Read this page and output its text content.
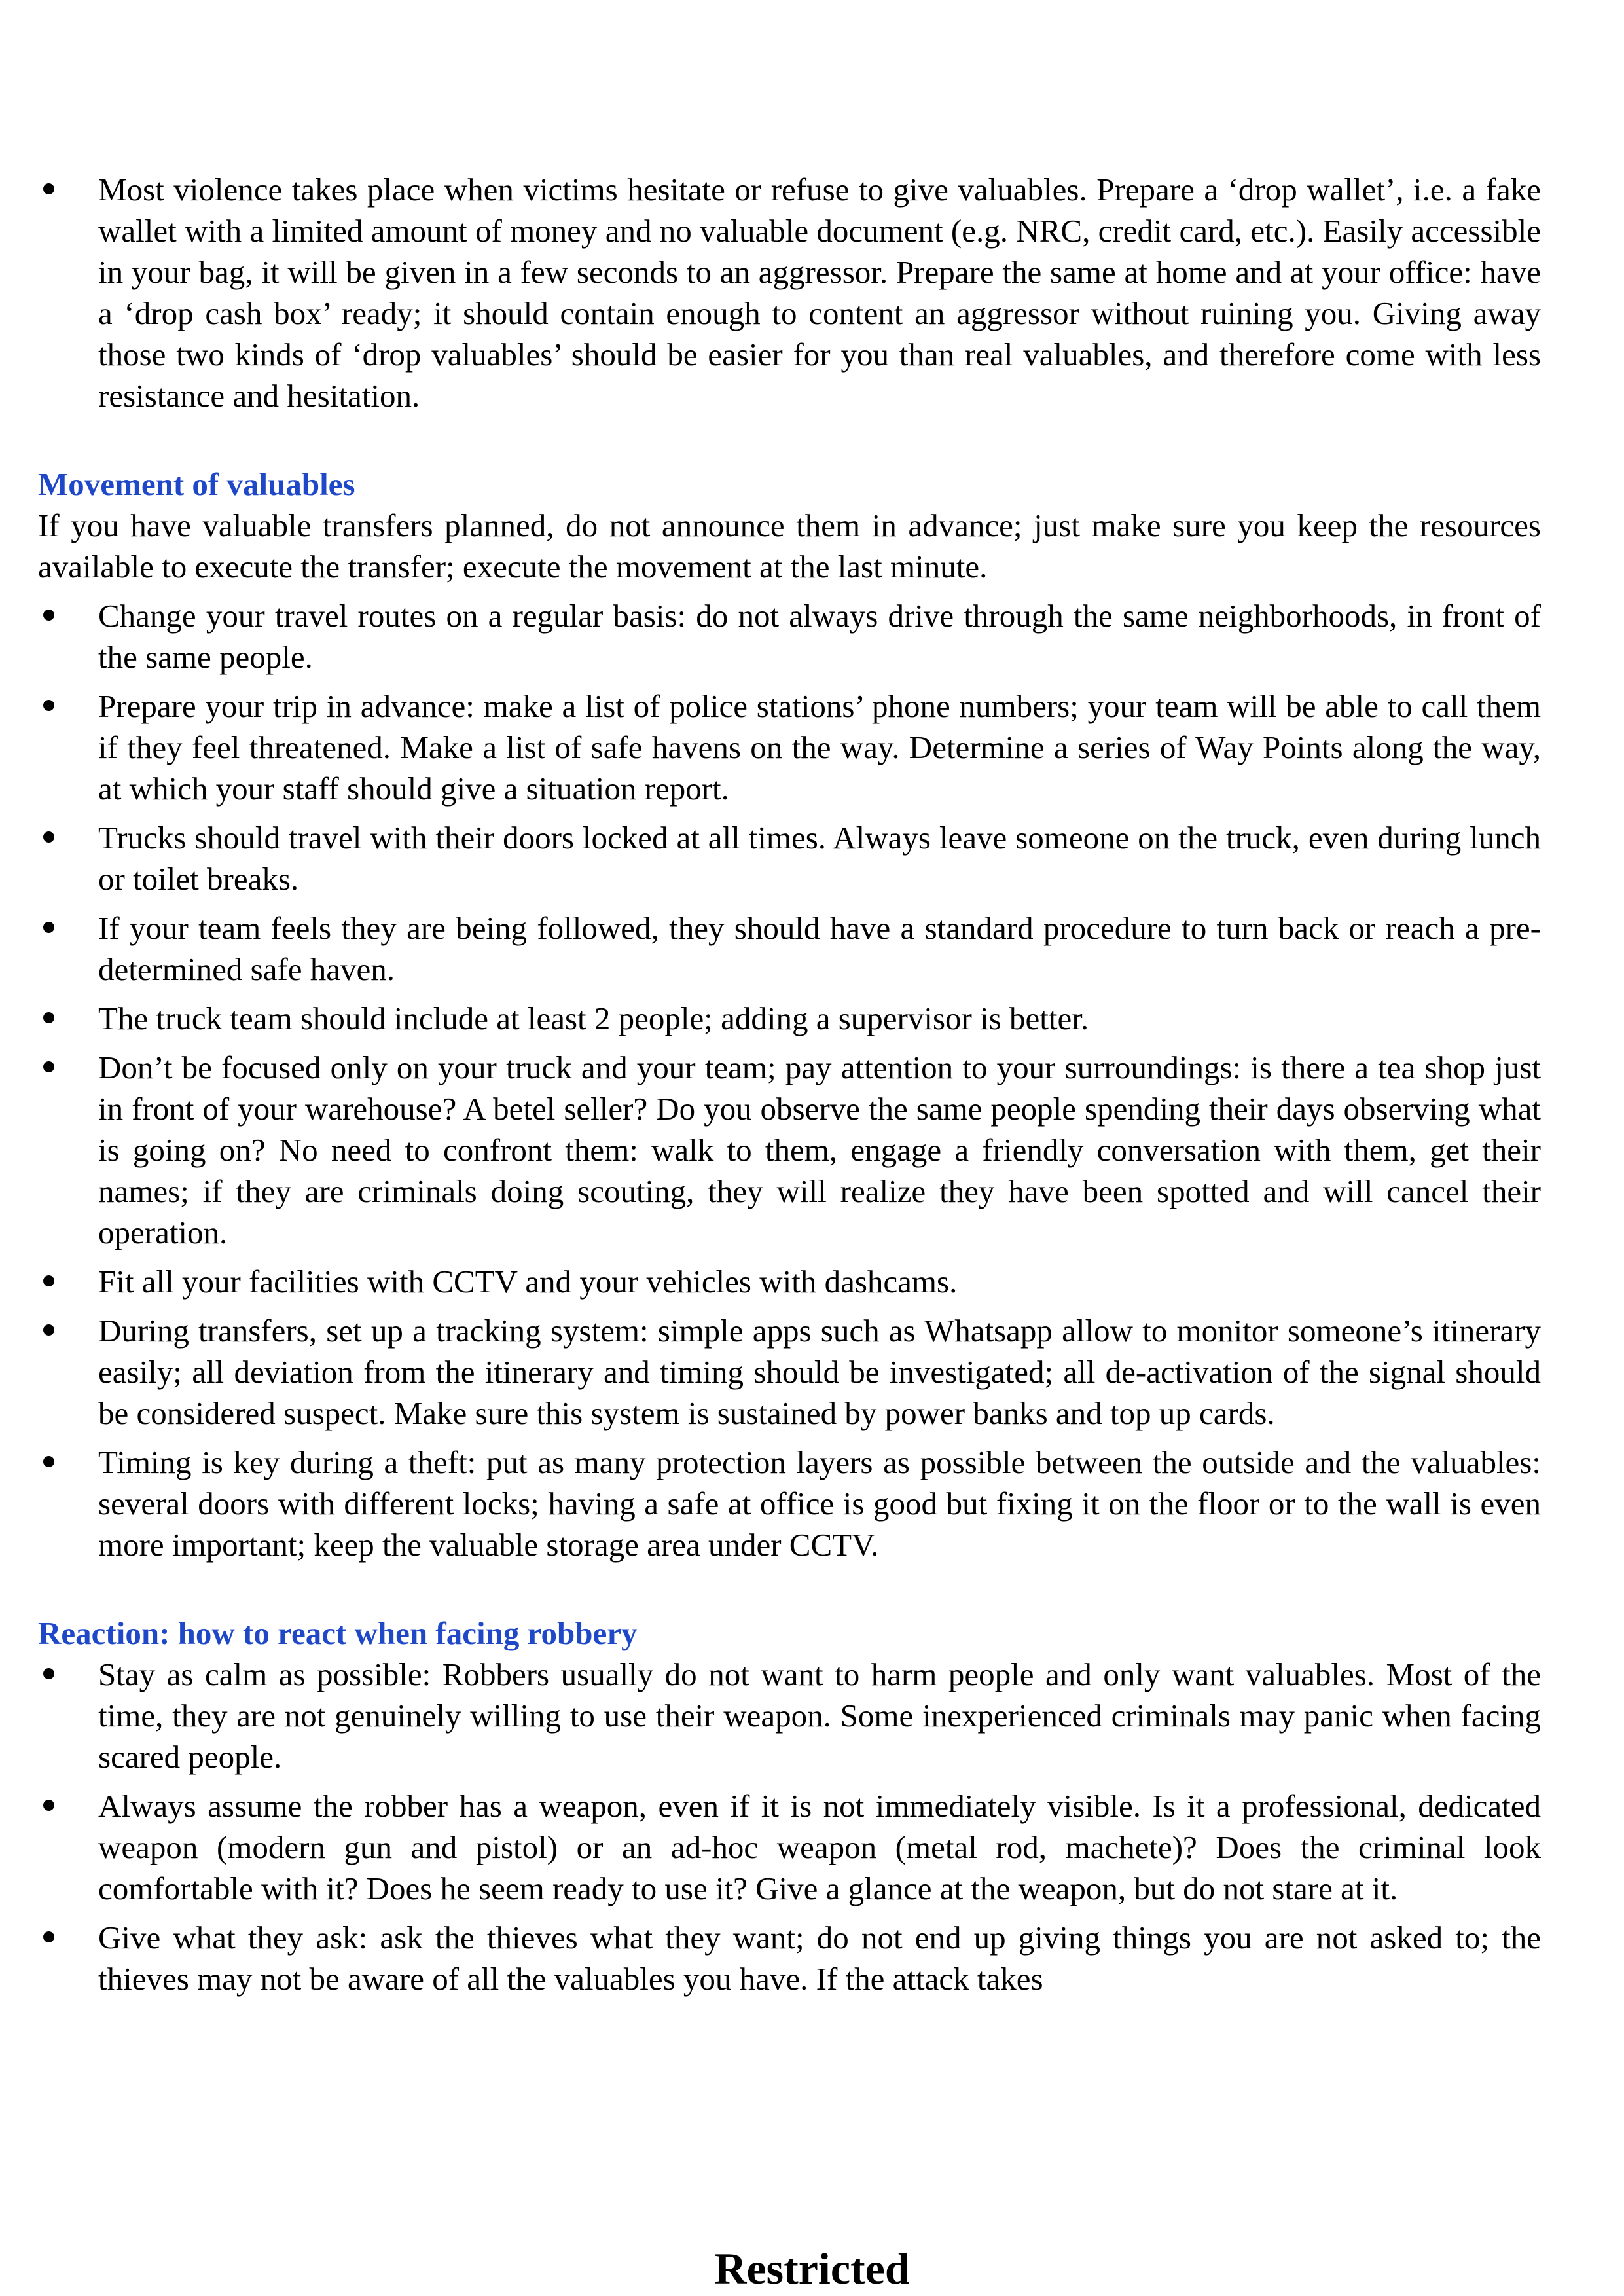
Most violence takes place when victims hesitate or refuse to give valuables. Prepare a ‘drop wallet’, i.e. a fake wallet with a limited amount of money and no valuable document (e.g. NRC, credit card, etc.). Easily accessible in your bag, it will be given in a few seconds to an aggressor. Prepare the same at home and at your office: have a ‘drop cash box’ ready; it should contain enough to content an aggressor without ruining you. Giving away those two kinds of ‘drop valuables’ should be easier for you than real valuables, and therefore come with less resistance and hesitation.

Movement of valuables

If you have valuable transfers planned, do not announce them in advance; just make sure you keep the resources available to execute the transfer; execute the movement at the last minute.

Change your travel routes on a regular basis: do not always drive through the same neighborhoods, in front of the same people.
Prepare your trip in advance: make a list of police stations’ phone numbers; your team will be able to call them if they feel threatened. Make a list of safe havens on the way. Determine a series of Way Points along the way, at which your staff should give a situation report.
Trucks should travel with their doors locked at all times. Always leave someone on the truck, even during lunch or toilet breaks.
If your team feels they are being followed, they should have a standard procedure to turn back or reach a pre-determined safe haven.
The truck team should include at least 2 people; adding a supervisor is better.
Don’t be focused only on your truck and your team; pay attention to your surroundings: is there a tea shop just in front of your warehouse? A betel seller? Do you observe the same people spending their days observing what is going on? No need to confront them: walk to them, engage a friendly conversation with them, get their names; if they are criminals doing scouting, they will realize they have been spotted and will cancel their operation.
Fit all your facilities with CCTV and your vehicles with dashcams.
During transfers, set up a tracking system: simple apps such as Whatsapp allow to monitor someone’s itinerary easily; all deviation from the itinerary and timing should be investigated; all de-activation of the signal should be considered suspect. Make sure this system is sustained by power banks and top up cards.
Timing is key during a theft: put as many protection layers as possible between the outside and the valuables: several doors with different locks; having a safe at office is good but fixing it on the floor or to the wall is even more important; keep the valuable storage area under CCTV.

Reaction: how to react when facing robbery

Stay as calm as possible: Robbers usually do not want to harm people and only want valuables. Most of the time, they are not genuinely willing to use their weapon. Some inexperienced criminals may panic when facing scared people.
Always assume the robber has a weapon, even if it is not immediately visible. Is it a professional, dedicated weapon (modern gun and pistol) or an ad-hoc weapon (metal rod, machete)? Does the criminal look comfortable with it? Does he seem ready to use it? Give a glance at the weapon, but do not stare at it.
Give what they ask: ask the thieves what they want; do not end up giving things you are not asked to; the thieves may not be aware of all the valuables you have. If the attack takes
Restricted
